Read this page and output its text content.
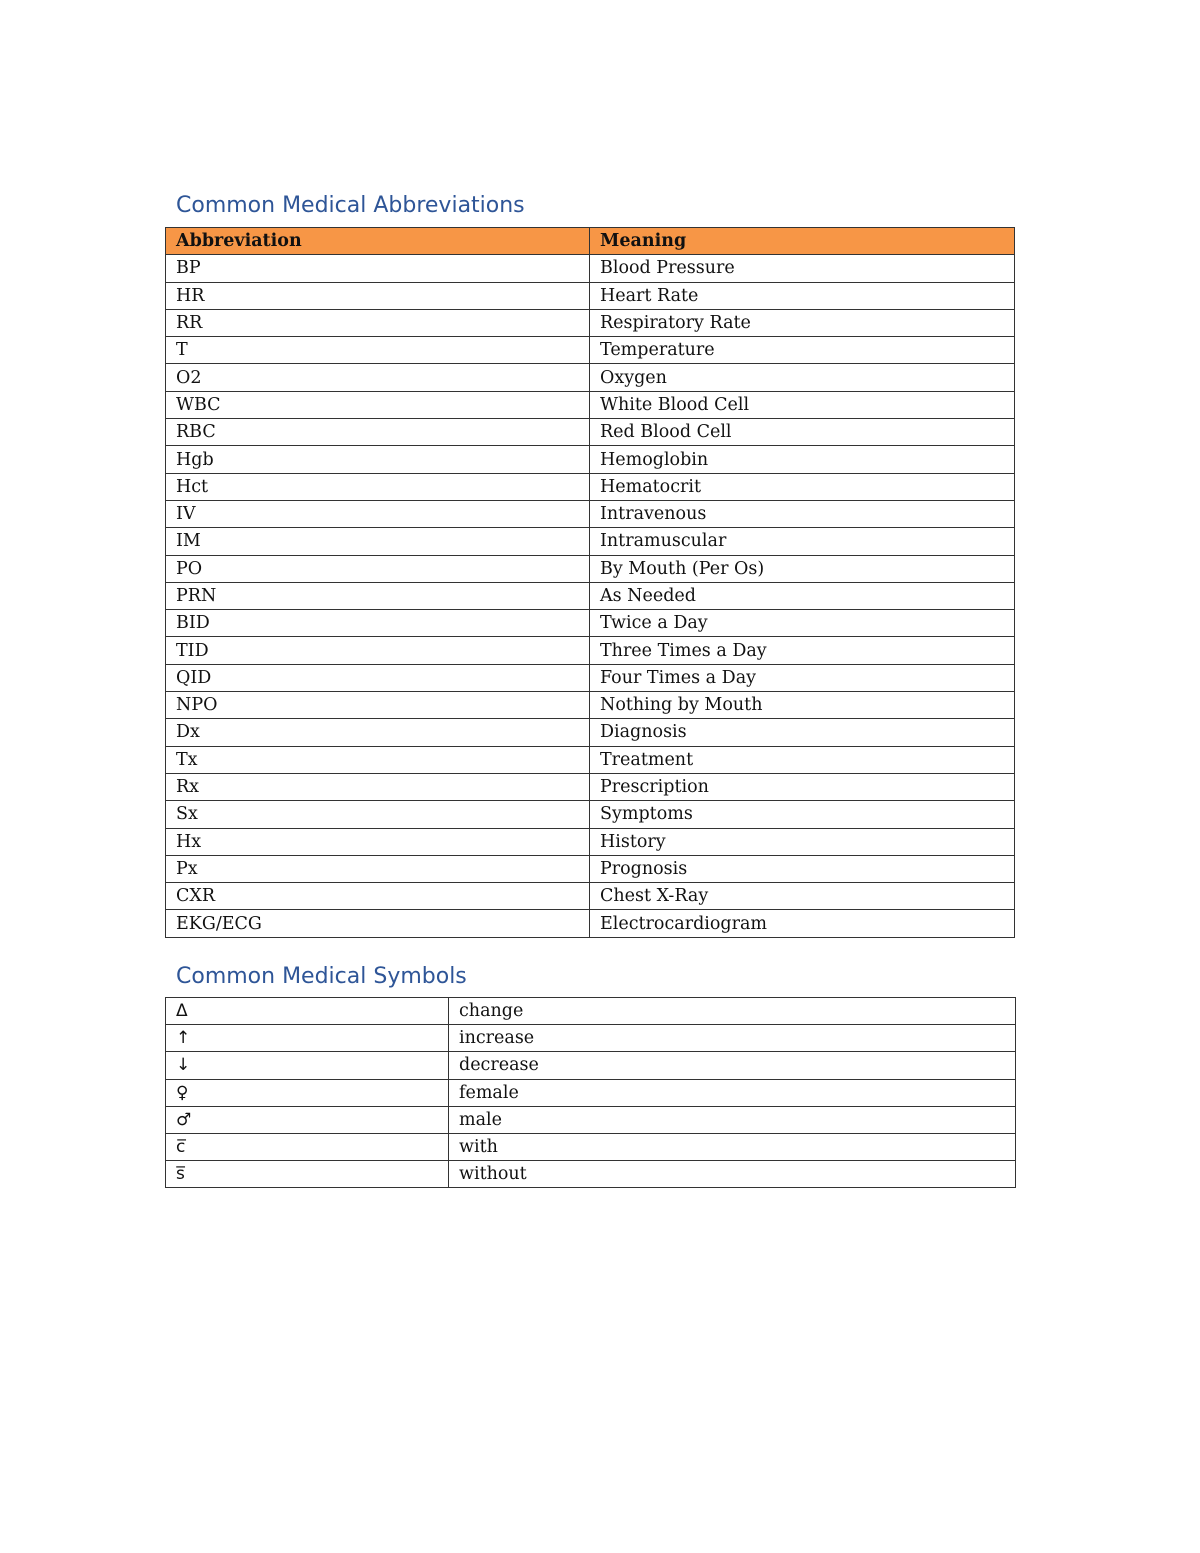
Common Medical Abbreviations
Abbreviation	Meaning
BP	Blood Pressure
HR	Heart Rate
RR	Respiratory Rate
T	Temperature
O2	Oxygen
WBC	White Blood Cell
RBC	Red Blood Cell
Hgb	Hemoglobin
Hct	Hematocrit
IV	Intravenous
IM	Intramuscular
PO	By Mouth (Per Os)
PRN	As Needed
BID	Twice a Day
TID	Three Times a Day
QID	Four Times a Day
NPO	Nothing by Mouth
Dx	Diagnosis
Tx	Treatment
Rx	Prescription
Sx	Symptoms
Hx	History
Px	Prognosis
CXR	Chest X-Ray
EKG/ECG	Electrocardiogram
Common Medical Symbols
Δ	change
↑	increase
↓	decrease
♀	female
♂	male
c̅	with
s̅	without
